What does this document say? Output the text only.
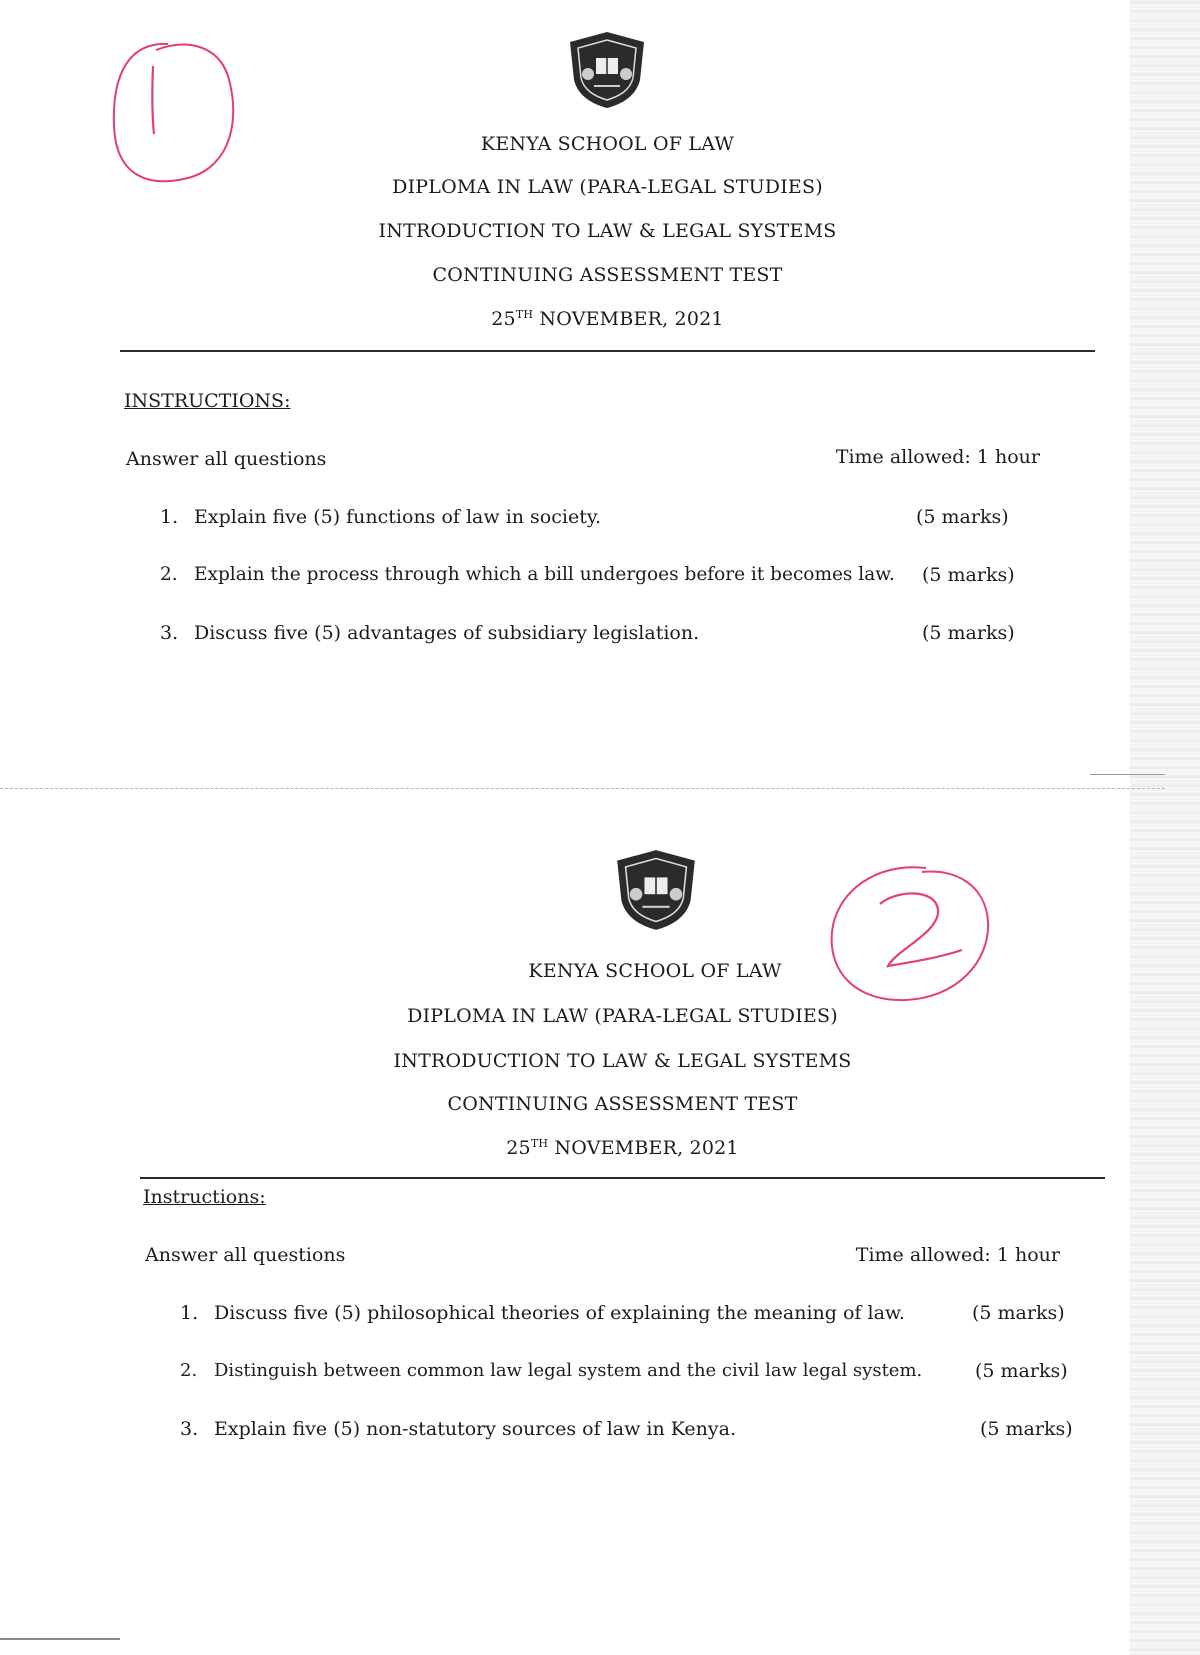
KENYA SCHOOL OF LAW
DIPLOMA IN LAW (PARA-LEGAL STUDIES)
INTRODUCTION TO LAW & LEGAL SYSTEMS
CONTINUING ASSESSMENT TEST
25TH NOVEMBER, 2021
INSTRUCTIONS:
Answer all questions	Time allowed: 1 hour
1. Explain five (5) functions of law in society.	(5 marks)
2. Explain the process through which a bill undergoes before it becomes law. (5 marks)
3. Discuss five (5) advantages of subsidiary legislation.	(5 marks)
KENYA SCHOOL OF LAW
DIPLOMA IN LAW (PARA-LEGAL STUDIES)
INTRODUCTION TO LAW & LEGAL SYSTEMS
CONTINUING ASSESSMENT TEST
25TH NOVEMBER, 2021
Instructions:
Answer all questions	Time allowed: 1 hour
1. Discuss five (5) philosophical theories of explaining the meaning of law.	(5 marks)
2. Distinguish between common law legal system and the civil law legal system.	(5 marks)
3. Explain five (5) non-statutory sources of law in Kenya.	(5 marks)
